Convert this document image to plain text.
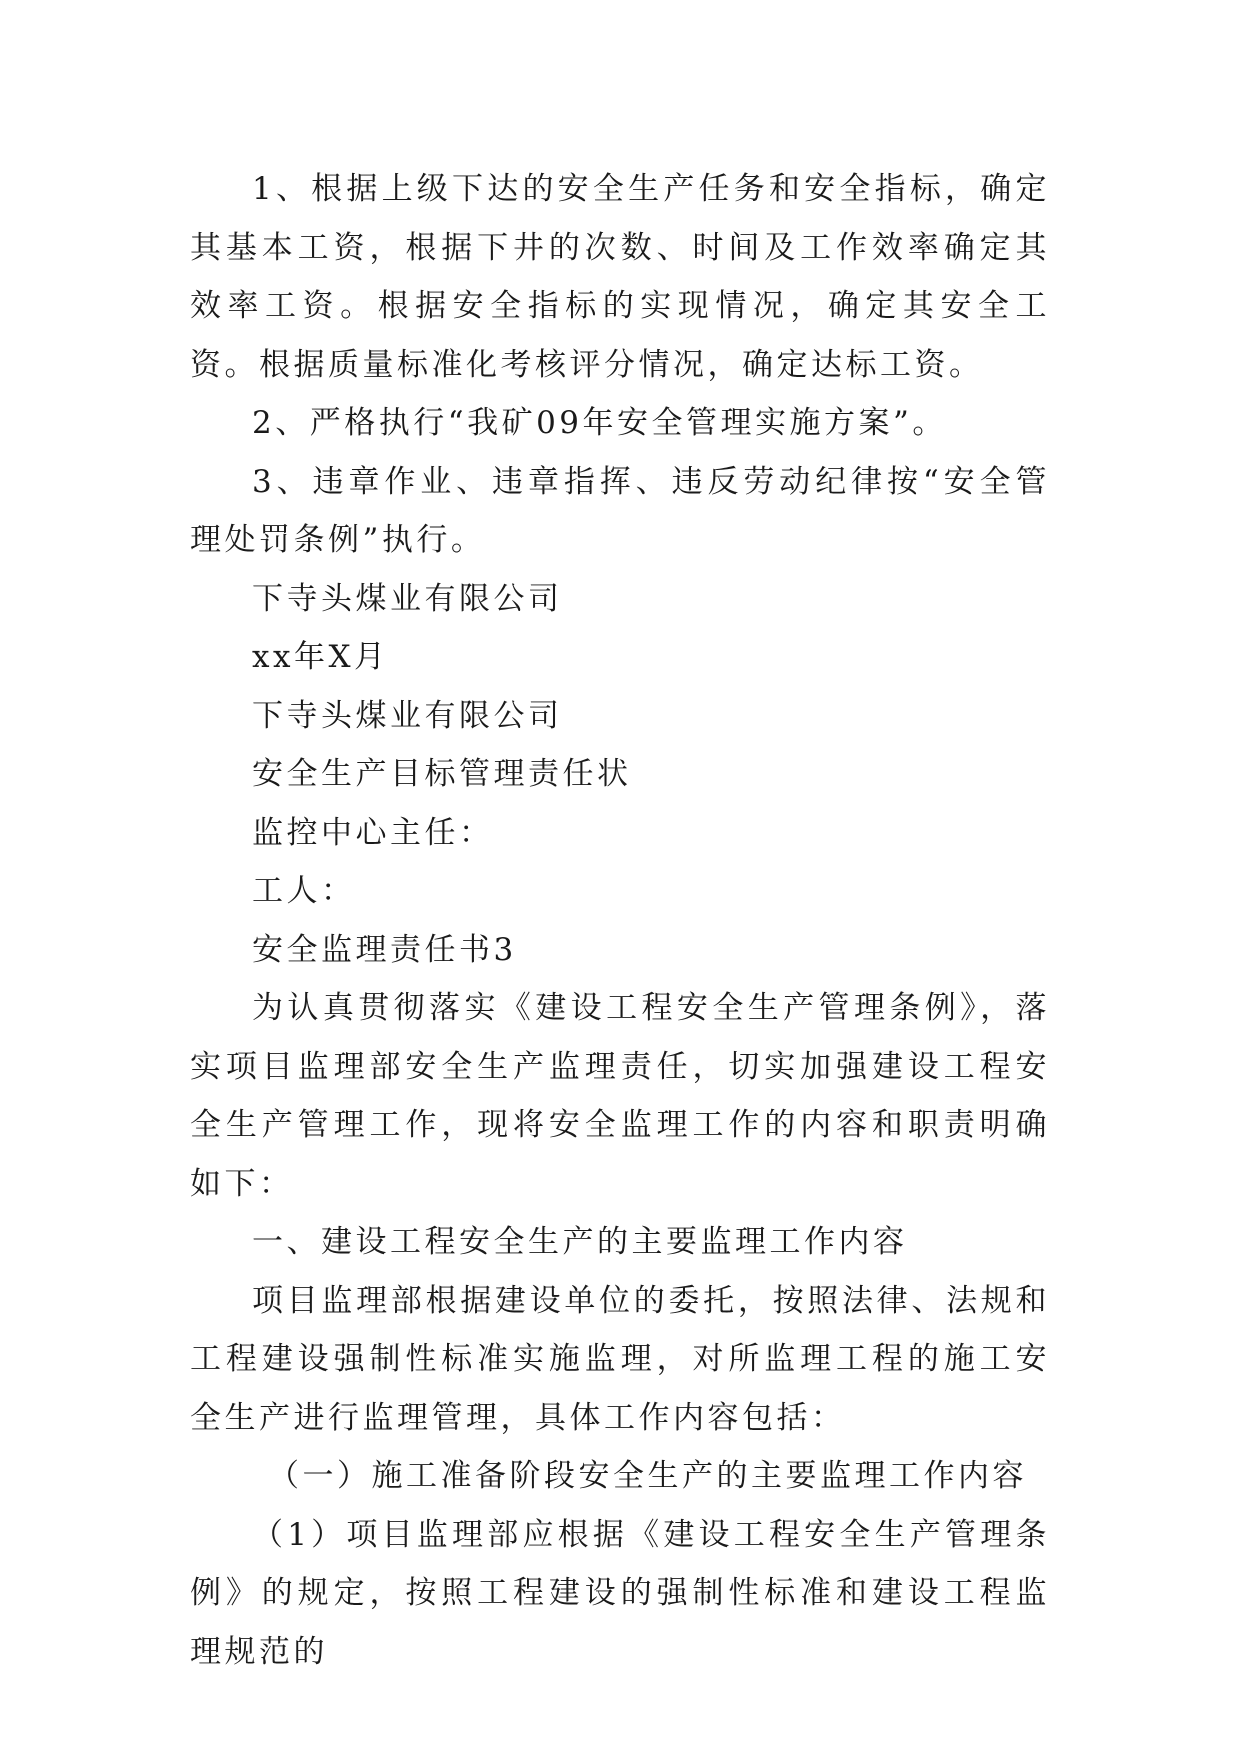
1、根据上级下达的安全生产任务和安全指标，确定其基本工资，根据下井的次数、时间及工作效率确定其效率工资。根据安全指标的实现情况，确定其安全工资。根据质量标准化考核评分情况，确定达标工资。

2、严格执行“我矿09年安全管理实施方案”。

3、违章作业、违章指挥、违反劳动纪律按“安全管理处罚条例”执行。

下寺头煤业有限公司

xx年X月

下寺头煤业有限公司

安全生产目标管理责任状

监控中心主任：

工人：

安全监理责任书3

为认真贯彻落实《建设工程安全生产管理条例》，落实项目监理部安全生产监理责任，切实加强建设工程安全生产管理工作，现将安全监理工作的内容和职责明确如下：

一、建设工程安全生产的主要监理工作内容

项目监理部根据建设单位的委托，按照法律、法规和工程建设强制性标准实施监理，对所监理工程的施工安全生产进行监理管理，具体工作内容包括：

（一）施工准备阶段安全生产的主要监理工作内容

（1）项目监理部应根据《建设工程安全生产管理条例》的规定，按照工程建设的强制性标准和建设工程监理规范的
